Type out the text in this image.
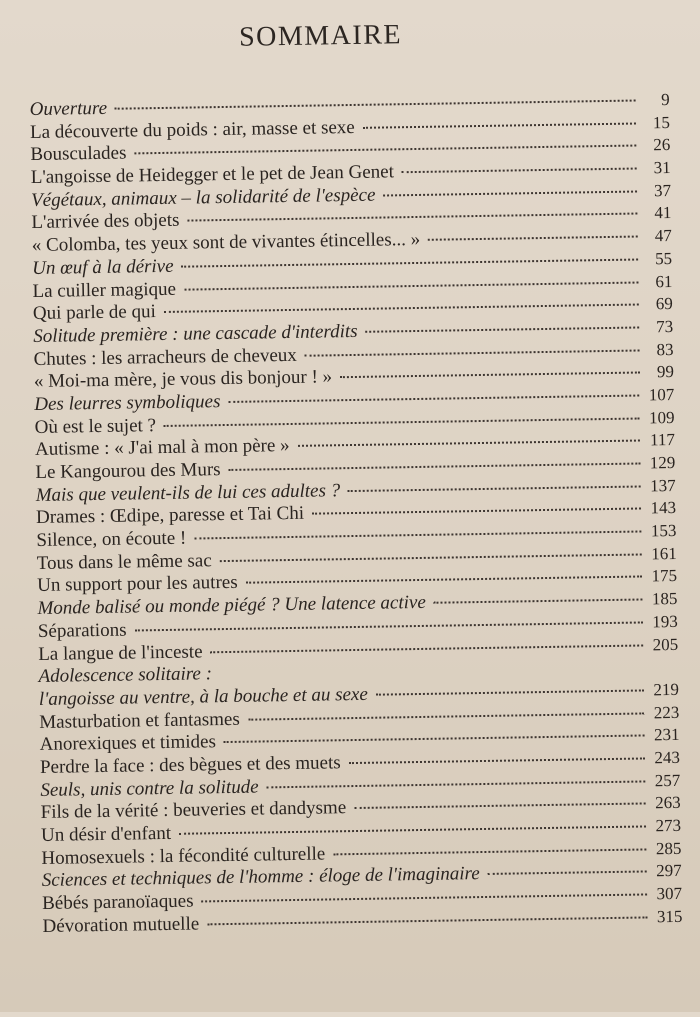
SOMMAIRE
Ouverture	9
La découverte du poids : air, masse et sexe	15
Bousculades	26
L'angoisse de Heidegger et le pet de Jean Genet	31
Végétaux, animaux – la solidarité de l'espèce	37
L'arrivée des objets	41
« Colomba, tes yeux sont de vivantes étincelles... »	47
Un œuf à la dérive	55
La cuiller magique	61
Qui parle de qui	69
Solitude première : une cascade d'interdits	73
Chutes : les arracheurs de cheveux	83
« Moi-ma mère, je vous dis bonjour ! »	99
Des leurres symboliques	107
Où est le sujet ?	109
Autisme : « J'ai mal à mon père »	117
Le Kangourou des Murs	129
Mais que veulent-ils de lui ces adultes ?	137
Drames : Œdipe, paresse et Tai Chi	143
Silence, on écoute !	153
Tous dans le même sac	161
Un support pour les autres	175
Monde balisé ou monde piégé ? Une latence active	185
Séparations	193
La langue de l'inceste	205
Adolescence solitaire :
l'angoisse au ventre, à la bouche et au sexe	219
Masturbation et fantasmes	223
Anorexiques et timides	231
Perdre la face : des bègues et des muets	243
Seuls, unis contre la solitude	257
Fils de la vérité : beuveries et dandysme	263
Un désir d'enfant	273
Homosexuels : la fécondité culturelle	285
Sciences et techniques de l'homme : éloge de l'imaginaire	297
Bébés paranoïaques	307
Dévoration mutuelle	315
